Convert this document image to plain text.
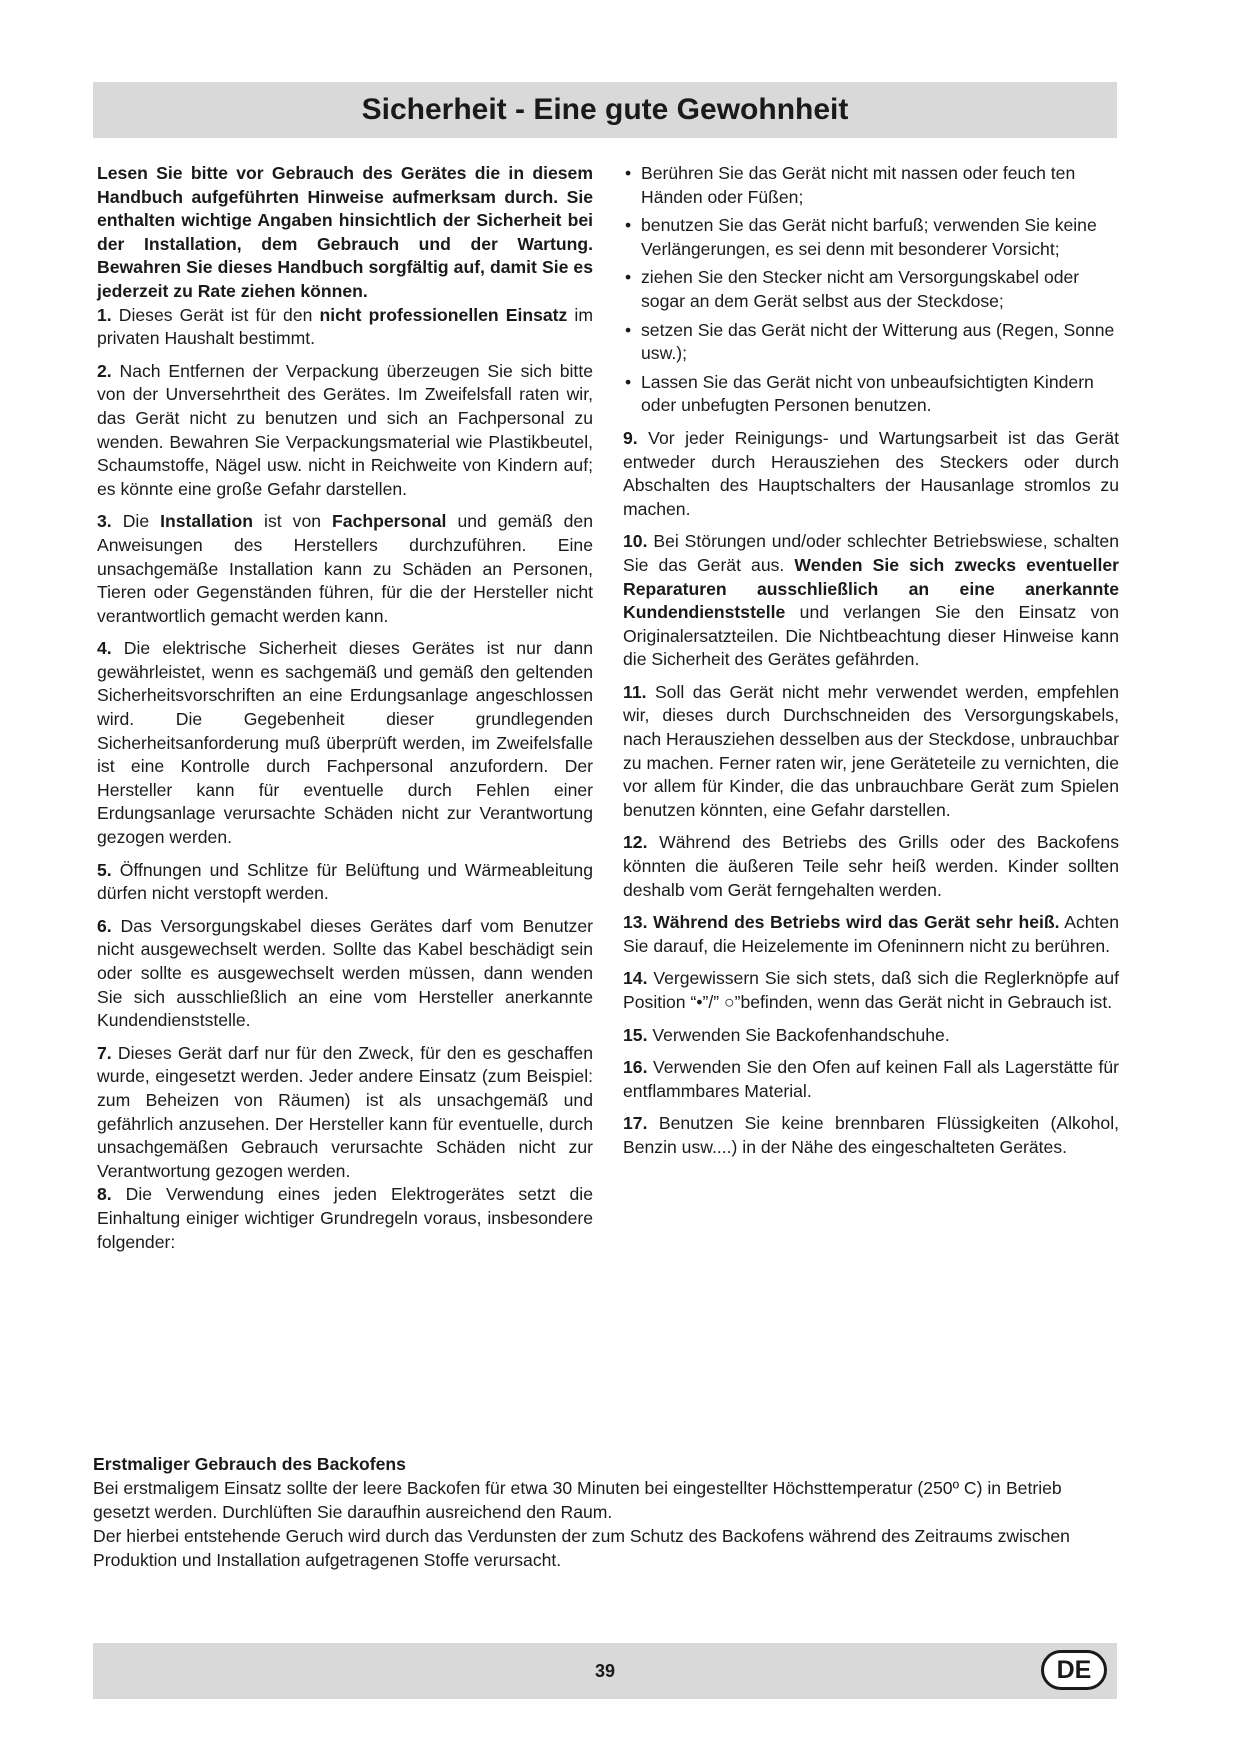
Sicherheit - Eine gute Gewohnheit

Lesen Sie bitte vor Gebrauch des Gerätes die in diesem Handbuch aufgeführten Hinweise aufmerksam durch. Sie enthalten wichtige Angaben hinsichtlich der Sicherheit bei der Installation, dem Gebrauch und der Wartung. Bewahren Sie dieses Handbuch sorgfältig auf, damit Sie es jederzeit zu Rate ziehen können.

1. Dieses Gerät ist für den nicht professionellen Einsatz im privaten Haushalt bestimmt.

2. Nach Entfernen der Verpackung überzeugen Sie sich bitte von der Unversehrtheit des Gerätes. Im Zweifelsfall raten wir, das Gerät nicht zu benutzen und sich an Fachpersonal zu wenden. Bewahren Sie Verpackungsmaterial wie Plastikbeutel, Schaumstoffe, Nägel usw. nicht in Reichweite von Kindern auf; es könnte eine große Gefahr darstellen.

3. Die Installation ist von Fachpersonal und gemäß den Anweisungen des Herstellers durchzuführen. Eine unsachgemäße Installation kann zu Schäden an Personen, Tieren oder Gegenständen führen, für die der Hersteller nicht verantwortlich gemacht werden kann.

4. Die elektrische Sicherheit dieses Gerätes ist nur dann gewährleistet, wenn es sachgemäß und gemäß den geltenden Sicherheitsvorschriften an eine Erdungsanlage angeschlossen wird. Die Gegebenheit dieser grundlegenden Sicherheitsanforderung muß überprüft werden, im Zweifelsfalle ist eine Kontrolle durch Fachpersonal anzufordern. Der Hersteller kann für eventuelle durch Fehlen einer Erdungsanlage verursachte Schäden nicht zur Verantwortung gezogen werden.

5. Öffnungen und Schlitze für Belüftung und Wärmeableitung dürfen nicht verstopft werden.

6. Das Versorgungskabel dieses Gerätes darf vom Benutzer nicht ausgewechselt werden. Sollte das Kabel beschädigt sein oder sollte es ausgewechselt werden müssen, dann wenden Sie sich ausschließlich an eine vom Hersteller anerkannte Kundendienststelle.

7. Dieses Gerät darf nur für den Zweck, für den es geschaffen wurde, eingesetzt werden. Jeder andere Einsatz (zum Beispiel: zum Beheizen von Räumen) ist als unsachgemäß und gefährlich anzusehen. Der Hersteller kann für eventuelle, durch unsachgemäßen Gebrauch verursachte Schäden nicht zur Verantwortung gezogen werden.

8. Die Verwendung eines jeden Elektrogerätes setzt die Einhaltung einiger wichtiger Grundregeln voraus, insbesondere folgender:

• Berühren Sie das Gerät nicht mit nassen oder feuch ten Händen oder Füßen;
• benutzen Sie das Gerät nicht barfuß; verwenden Sie keine Verlängerungen, es sei denn mit besonderer Vorsicht;
• ziehen Sie den Stecker nicht am Versorgungskabel oder sogar an dem Gerät selbst aus der Steckdose;
• setzen Sie das Gerät nicht der Witterung aus (Regen, Sonne usw.);
• Lassen Sie das Gerät nicht von unbeaufsichtigten Kindern oder unbefugten Personen benutzen.

9. Vor jeder Reinigungs- und Wartungsarbeit ist das Gerät entweder durch Herausziehen des Steckers oder durch Abschalten des Hauptschalters der Hausanlage stromlos zu machen.

10. Bei Störungen und/oder schlechter Betriebswiese, schalten Sie das Gerät aus. Wenden Sie sich zwecks eventueller Reparaturen ausschließlich an eine anerkannte Kundendienststelle und verlangen Sie den Einsatz von Originalersatzteilen. Die Nichtbeachtung dieser Hinweise kann die Sicherheit des Gerätes gefährden.

11. Soll das Gerät nicht mehr verwendet werden, empfehlen wir, dieses durch Durchschneiden des Versorgungskabels, nach Herausziehen desselben aus der Steckdose, unbrauchbar zu machen. Ferner raten wir, jene Geräteteile zu vernichten, die vor allem für Kinder, die das unbrauchbare Gerät zum Spielen benutzen könnten, eine Gefahr darstellen.

12. Während des Betriebs des Grills oder des Backofens könnten die äußeren Teile sehr heiß werden. Kinder sollten deshalb vom Gerät ferngehalten werden.

13. Während des Betriebs wird das Gerät sehr heiß. Achten Sie darauf, die Heizelemente im Ofeninnern nicht zu berühren.

14. Vergewissern Sie sich stets, daß sich die Reglerknöpfe auf Position “•”/” ○”befinden, wenn das Gerät nicht in Gebrauch ist.

15. Verwenden Sie Backofenhandschuhe.

16. Verwenden Sie den Ofen auf keinen Fall als Lagerstätte für entflammbares Material.

17. Benutzen Sie keine brennbaren Flüssigkeiten (Alkohol, Benzin usw....) in der Nähe des eingeschalteten Gerätes.

Erstmaliger Gebrauch des Backofens

Bei erstmaligem Einsatz sollte der leere Backofen für etwa 30 Minuten bei eingestellter Höchsttemperatur (250º C) in Betrieb gesetzt werden. Durchlüften Sie daraufhin ausreichend den Raum.

Der hierbei entstehende Geruch wird durch das Verdunsten der zum Schutz des Backofens während des Zeitraums zwischen Produktion und Installation aufgetragenen Stoffe verursacht.

39	DE
